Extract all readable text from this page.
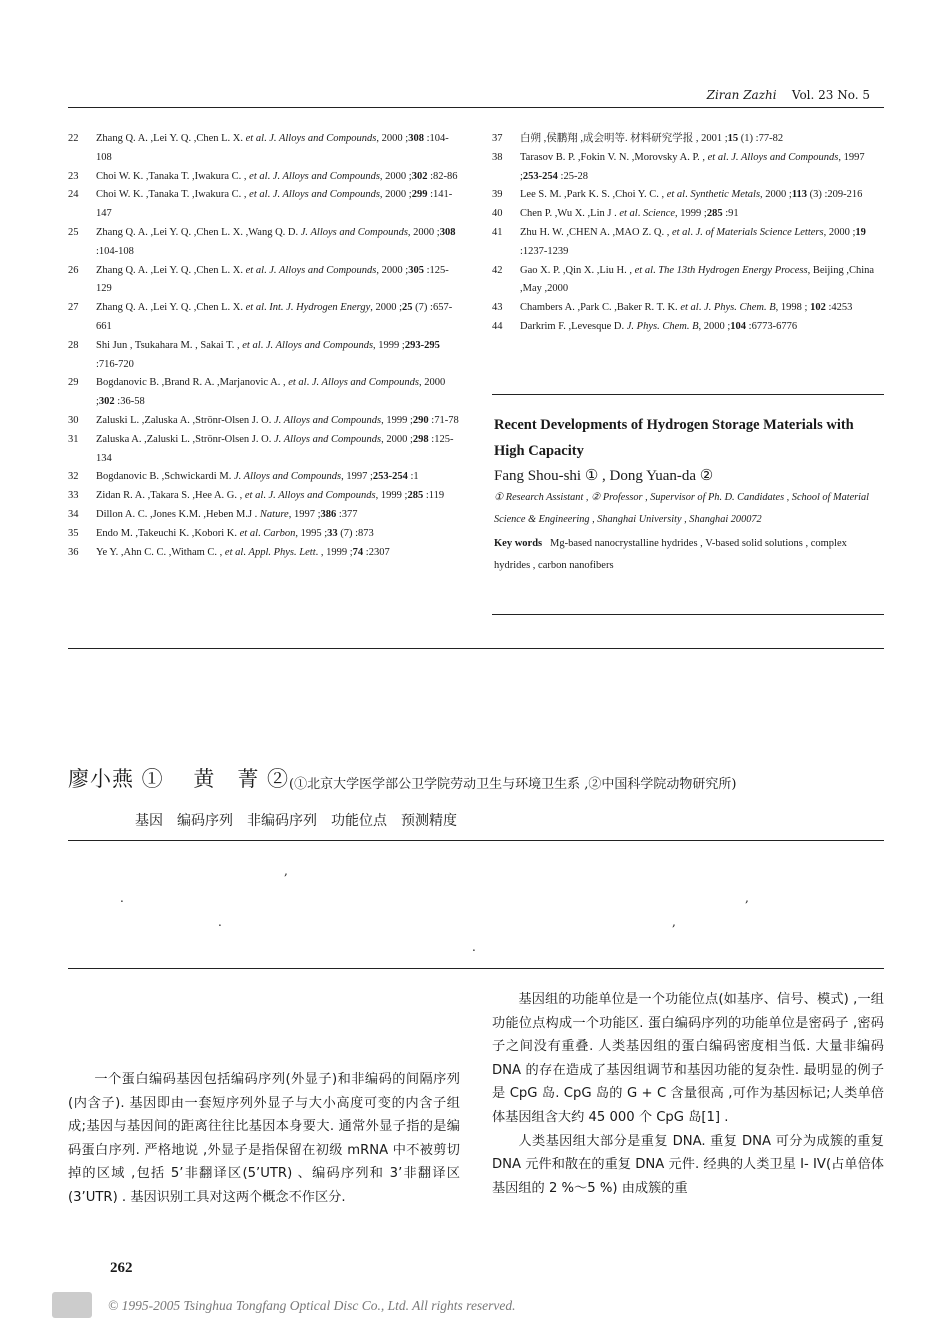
Ziran Zazhi Vol. 23 No. 5
22	Zhang Q. A. ,Lei Y. Q. ,Chen L. X. et al. J. Alloys and Compounds, 2000 ;308 :104-108
23	Choi W. K. ,Tanaka T. ,Iwakura C. , et al. J. Alloys and Compounds, 2000 ;302 :82-86
24	Choi W. K. ,Tanaka T. ,Iwakura C. , et al. J. Alloys and Compounds, 2000 ;299 :141-147
25	Zhang Q. A. ,Lei Y. Q. ,Chen L. X. ,Wang Q. D. J. Alloys and Compounds, 2000 ;308 :104-108
26	Zhang Q. A. ,Lei Y. Q. ,Chen L. X. et al. J. Alloys and Compounds, 2000 ;305 :125-129
27	Zhang Q. A. ,Lei Y. Q. ,Chen L. X. et al. Int. J. Hydrogen Energy, 2000 ;25 (7) :657-661
28	Shi Jun , Tsukahara M. , Sakai T. , et al. J. Alloys and Compounds, 1999 ;293-295 :716-720
29	Bogdanovic B. ,Brand R. A. ,Marjanovic A. , et al. J. Alloys and Compounds, 2000 ;302 :36-58
30	Zaluski L. ,Zaluska A. ,Strönr-Olsen J. O. J. Alloys and Compounds, 1999 ;290 :71-78
31	Zaluska A. ,Zaluski L. ,Strönr-Olsen J. O. J. Alloys and Compounds, 2000 ;298 :125-134
32	Bogdanovic B. ,Schwickardi M. J. Alloys and Compounds, 1997 ;253-254 :1
33	Zidan R. A. ,Takara S. ,Hee A. G. , et al. J. Alloys and Compounds, 1999 ;285 :119
34	Dillon A. C. ,Jones K.M. ,Heben M.J . Nature, 1997 ;386 :377
35	Endo M. ,Takeuchi K. ,Kobori K. et al. Carbon, 1995 ;33 (7) :873
36	Ye Y. ,Ahn C. C. ,Witham C. , et al. Appl. Phys. Lett. , 1999 ;74 :2307
37	白朔 ,侯鹏翔 ,成会明等. 材料研究学报 , 2001 ;15 (1) :77-82
38	Tarasov B. P. ,Fokin V. N. ,Morovsky A. P. , et al. J. Alloys and Compounds, 1997 ;253-254 :25-28
39	Lee S. M. ,Park K. S. ,Choi Y. C. , et al. Synthetic Metals, 2000 ;113 (3) :209-216
40	Chen P. ,Wu X. ,Lin J . et al. Science, 1999 ;285 :91
41	Zhu H. W. ,CHEN A. ,MAO Z. Q. , et al. J. of Materials Science Letters, 2000 ;19 :1237-1239
42	Gao X. P. ,Qin X. ,Liu H. , et al. The 13th Hydrogen Energy Process, Beijing ,China ,May ,2000
43	Chambers A. ,Park C. ,Baker R. T. K. et al. J. Phys. Chem. B, 1998 ; 102 :4253
44	Darkrim F. ,Levesque D. J. Phys. Chem. B, 2000 ;104 :6773-6776
Recent Developments of Hydrogen Storage Materials with High Capacity
Fang Shou-shi ① , Dong Yuan-da ②
① Research Assistant , ② Professor , Supervisor of Ph. D. Candidates , School of Material Science & Engineering , Shanghai University , Shanghai 200072
Key words Mg-based nanocrystalline hydrides , V-based solid solutions , complex hydrides , carbon nanofibers
廖小燕 ① 　黄　菁 ② (①北京大学医学部公卫学院劳动卫生与环境卫生系 ,②中国科学院动物研究所)
基因　编码序列　非编码序列　功能位点　预测精度
,
.	,
.	,
.

一个蛋白编码基因包括编码序列(外显子)和非编码的间隔序列(内含子). 基因即由一套短序列外显子与大小高度可变的内含子组成;基因与基因间的距离往往比基因本身要大. 通常外显子指的是编码蛋白序列. 严格地说 ,外显子是指保留在初级 mRNA 中不被剪切掉的区域 ,包括 5’非翻译区(5’UTR) 、编码序列和 3’非翻译区(3’UTR) . 基因识别工具对这两个概念不作区分.

基因组的功能单位是一个功能位点(如基序、信号、模式) ,一组功能位点构成一个功能区. 蛋白编码序列的功能单位是密码子 ,密码子之间没有重叠. 人类基因组的蛋白编码密度相当低. 大量非编码 DNA 的存在造成了基因组调节和基因功能的复杂性. 最明显的例子是 CpG 岛. CpG 岛的 G + C 含量很高 ,可作为基因标记;人类单倍体基因组含大约 45 000 个 CpG 岛[1] .

人类基因组大部分是重复 DNA. 重复 DNA 可分为成簇的重复 DNA 元件和散在的重复 DNA 元件. 经典的人类卫星 I- IV(占单倍体基因组的 2 %～5 %) 由成簇的重

262
© 1995-2005 Tsinghua Tongfang Optical Disc Co., Ltd. All rights reserved.
